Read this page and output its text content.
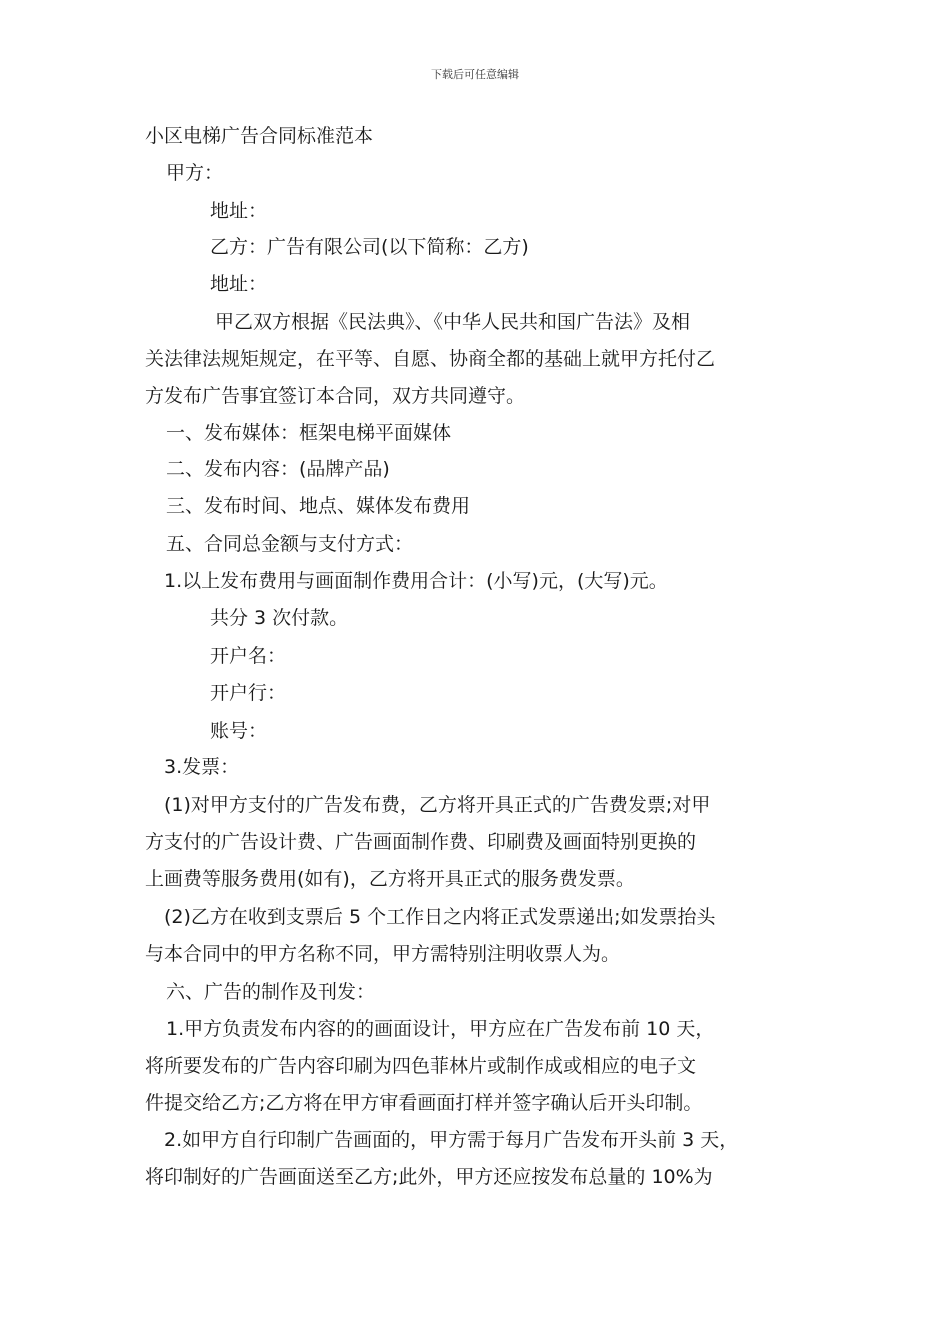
下载后可任意编辑
小区电梯广告合同标准范本
甲方：
地址：
乙方：广告有限公司(以下简称：乙方)
地址：
甲乙双方根据《民法典》、《中华人民共和国广告法》及相
关法律法规矩规定，在平等、自愿、协商全都的基础上就甲方托付乙
方发布广告事宜签订本合同，双方共同遵守。
一、发布媒体：框架电梯平面媒体
二、发布内容：(品牌产品)
三、发布时间、地点、媒体发布费用
五、合同总金额与支付方式：
1.以上发布费用与画面制作费用合计：(小写)元，(大写)元。
共分 3 次付款。
开户名：
开户行：
账号：
3.发票：
(1)对甲方支付的广告发布费，乙方将开具正式的广告费发票;对甲
方支付的广告设计费、广告画面制作费、印刷费及画面特别更换的
上画费等服务费用(如有)，乙方将开具正式的服务费发票。
(2)乙方在收到支票后 5 个工作日之内将正式发票递出;如发票抬头
与本合同中的甲方名称不同，甲方需特别注明收票人为。
六、广告的制作及刊发：
1.甲方负责发布内容的的画面设计，甲方应在广告发布前 10 天，
将所要发布的广告内容印刷为四色菲林片或制作成或相应的电子文
件提交给乙方;乙方将在甲方审看画面打样并签字确认后开头印制。
2.如甲方自行印制广告画面的，甲方需于每月广告发布开头前 3 天，
将印制好的广告画面送至乙方;此外，甲方还应按发布总量的 10%为
